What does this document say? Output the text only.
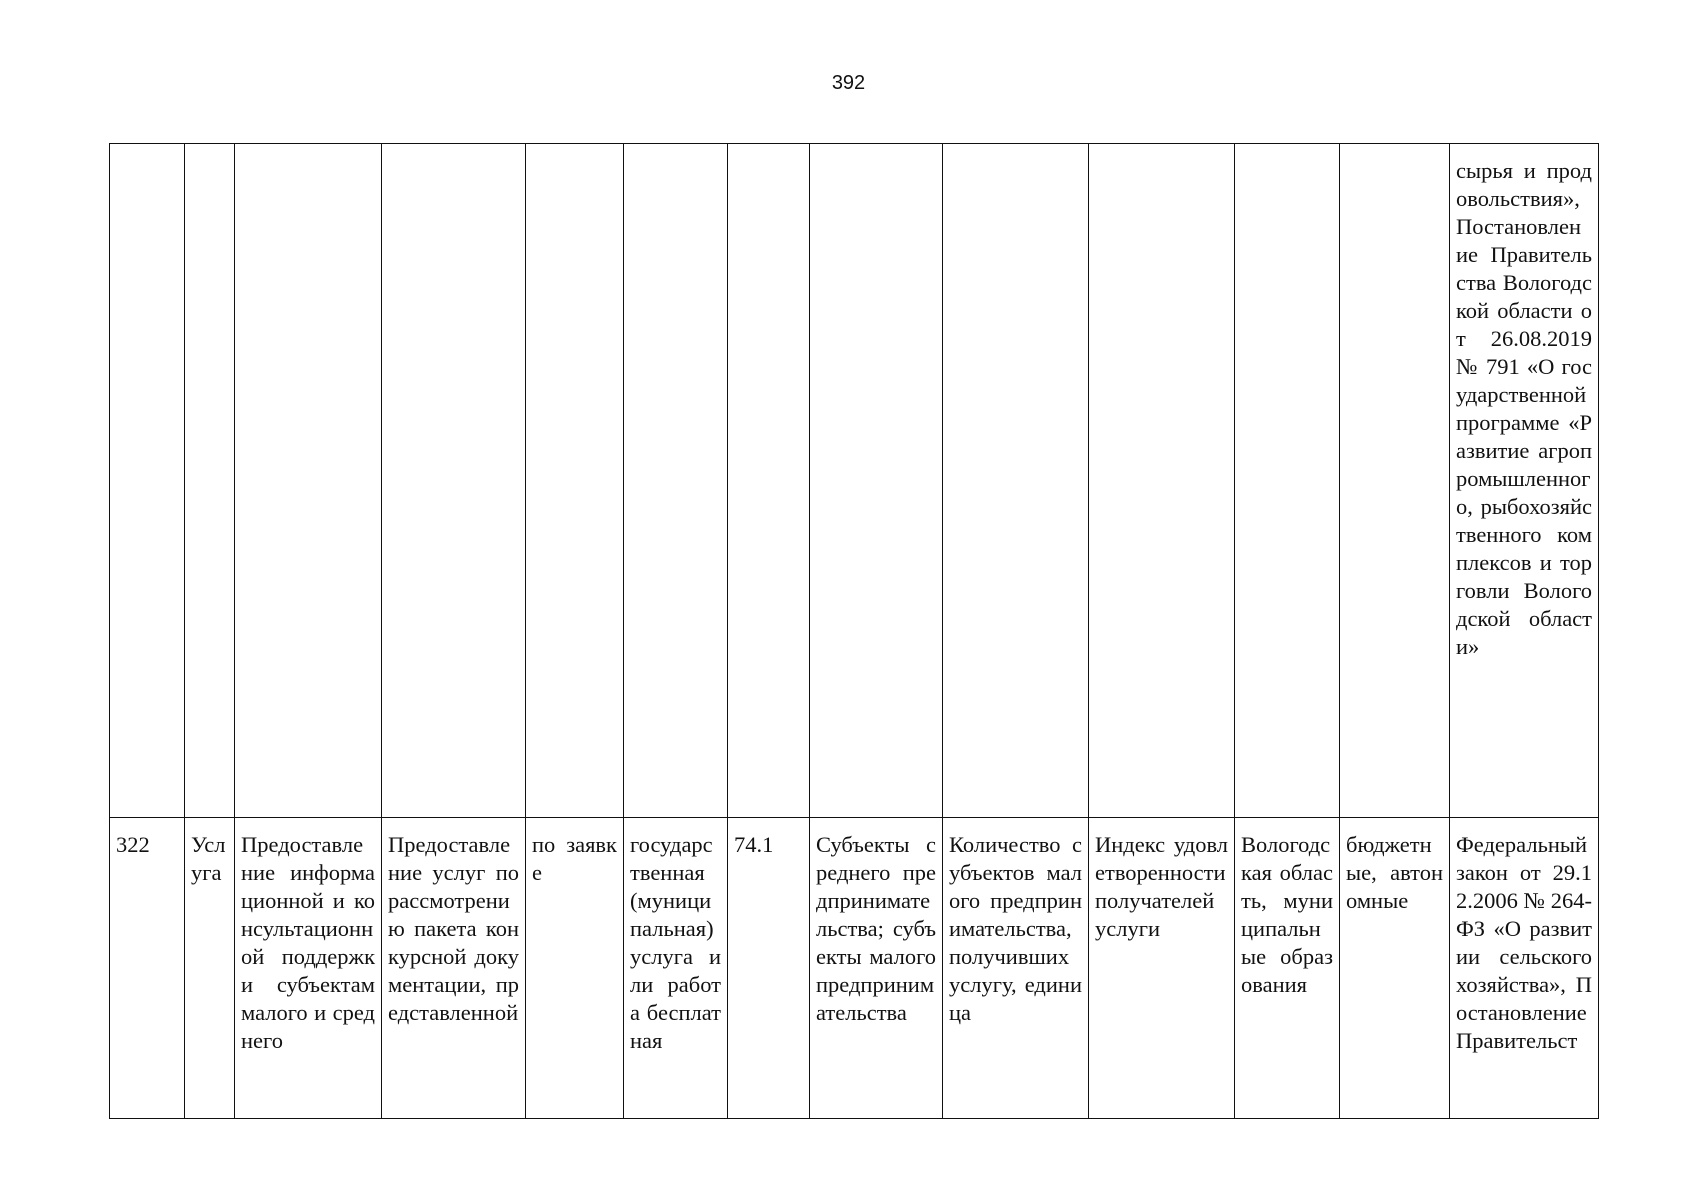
392
												сырья и продовольствия», Постановление Правительства Вологодской области от 26.08.2019 № 791 «О государственной программе «Развитие агропромышленного, рыбохозяйственного комплексов и торговли Вологодской области»
322	Услуга	Предоставление информационной и консультационной поддержки субъектам малого и среднего	Предоставление услуг по рассмотрению пакета конкурсной документации, представленной	по заявке	государственная (муниципальная) услуга или работа бесплатная	74.1	Субъекты среднего предпринимательства; субъекты малого предпринимательства	Количество субъектов малого предпринимательства, получивших услугу, единица	Индекс удовлетворенности получателей услуги	Вологодская область, муниципальные образования	бюджетные, автономные	Федеральный закон от 29.12.2006 № 264-ФЗ «О развитии сельского хозяйства», Постановление Правительст
